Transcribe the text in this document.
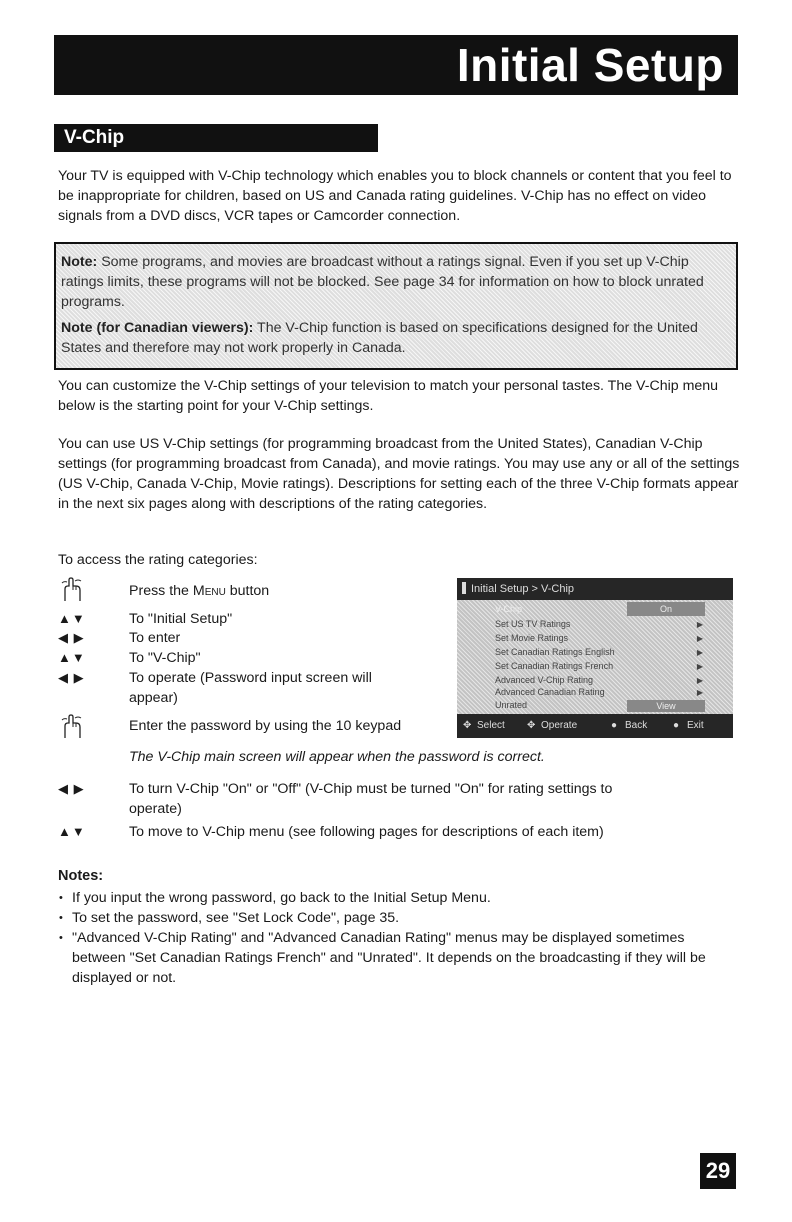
Initial Setup
V-Chip
Your TV is equipped with V-Chip technology which enables you to block channels or content that you feel to be inappropriate for children, based on US and Canada rating guidelines. V-Chip has no effect on video signals from a DVD discs, VCR tapes or Camcorder connection.

Note: Some programs, and movies are broadcast without a ratings signal. Even if you set up V-Chip ratings limits, these programs will not be blocked. See page 34 for information on how to block unrated programs.

Note (for Canadian viewers): The V-Chip function is based on specifications designed for the United States and therefore may not work properly in Canada.

You can customize the V-Chip settings of your television to match your personal tastes. The V-Chip menu below is the starting point for your V-Chip settings.
You can use US V-Chip settings (for programming broadcast from the United States), Canadian V-Chip settings (for programming broadcast from Canada), and movie ratings. You may use any or all of the settings (US V-Chip, Canada V-Chip, Movie ratings). Descriptions for setting each of the three V-Chip formats appear in the next six pages along with descriptions of the rating categories.
To access the rating categories:
Press the Menu button
▲▼	To "Initial Setup"
◀ ▶	To enter
▲▼	To "V-Chip"
◀ ▶	To operate (Password input screen will
appear)
Enter the password by using the 10 keypad
The V-Chip main screen will appear when the password is correct.
◀ ▶	To turn V-Chip "On" or "Off" (V-Chip must be turned "On" for rating settings to
operate)
▲▼	To move to V-Chip menu (see following pages for descriptions of each item)
Initial Setup > V-Chip
V-Chip	On
Set US TV Ratings	▶
Set Movie Ratings	▶
Set Canadian Ratings English	▶
Set Canadian Ratings French	▶
Advanced V-Chip Rating	▶
Advanced Canadian Rating	▶
Unrated	View
✥ Select ✥ Operate	● Back	● Exit
Notes:
• If you input the wrong password, go back to the Initial Setup Menu.
• To set the password, see "Set Lock Code", page 35.
• "Advanced V-Chip Rating" and "Advanced Canadian Rating" menus may be displayed sometimes between "Set Canadian Ratings French" and "Unrated". It depends on the broadcasting if they will be displayed or not.
29
